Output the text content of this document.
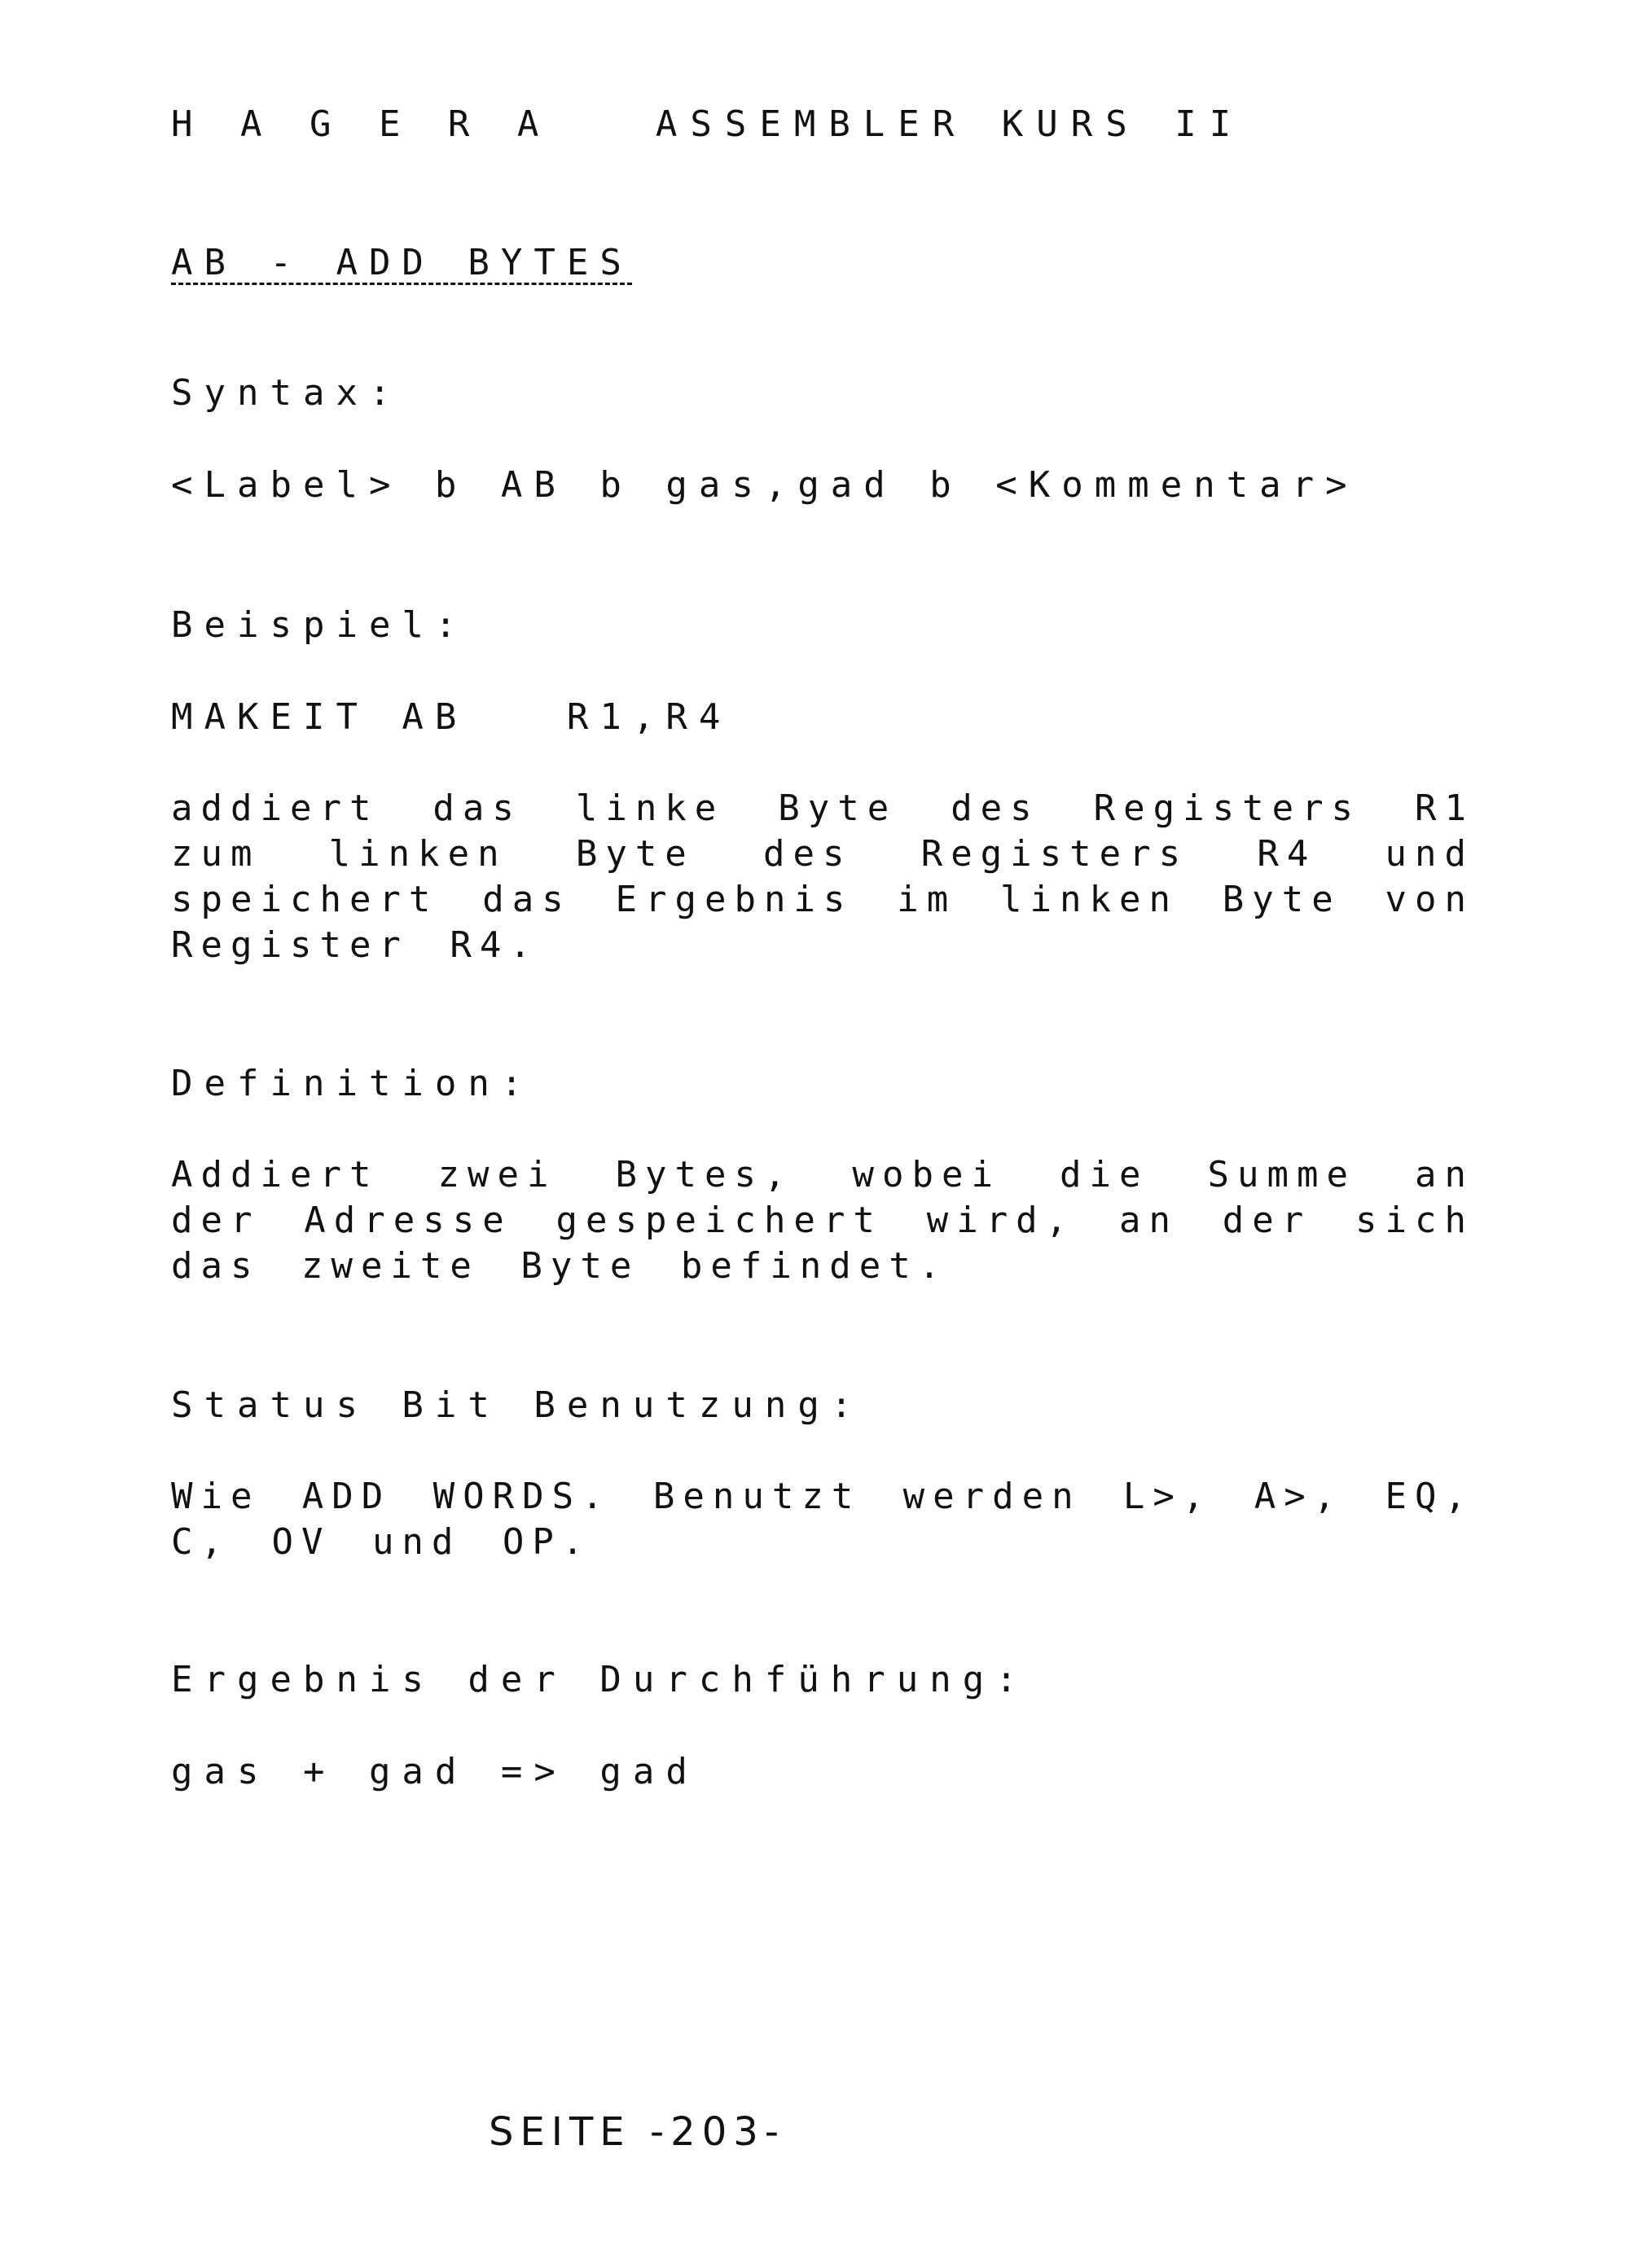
H A G E R A   ASSEMBLER KURS II
AB - ADD BYTES
Syntax:
<Label> b AB b gas,gad b <Kommentar>
Beispiel:
MAKEIT AB   R1,R4
addiert das linke Byte des Registers R1 zum linken Byte des Registers R4 und speichert das Ergebnis im linken Byte von Register R4.
Definition:
Addiert zwei Bytes, wobei die Summe an der Adresse gespeichert wird, an der sich das zweite Byte befindet.
Status Bit Benutzung:
Wie ADD WORDS. Benutzt werden L>, A>, EQ, C, OV und OP.
Ergebnis der Durchführung:
gas + gad => gad
SEITE -203-
